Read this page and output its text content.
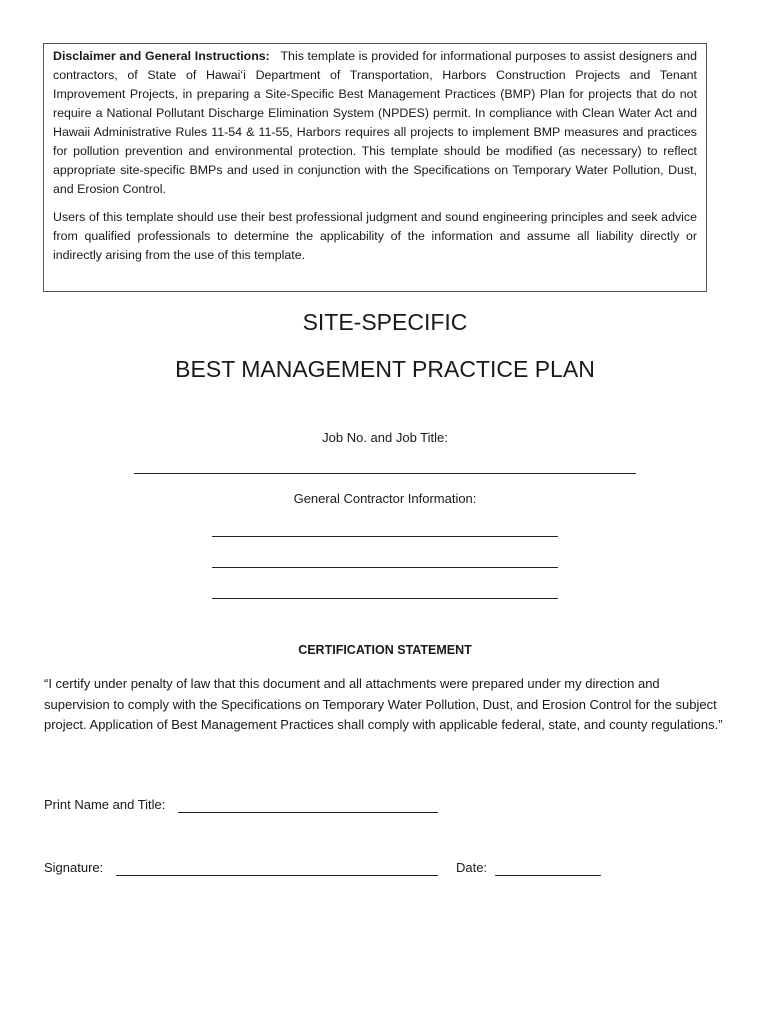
Disclaimer and General Instructions: This template is provided for informational purposes to assist designers and contractors, of State of Hawai‘i Department of Transportation, Harbors Construction Projects and Tenant Improvement Projects, in preparing a Site-Specific Best Management Practices (BMP) Plan for projects that do not require a National Pollutant Discharge Elimination System (NPDES) permit. In compliance with Clean Water Act and Hawaii Administrative Rules 11-54 & 11-55, Harbors requires all projects to implement BMP measures and practices for pollution prevention and environmental protection. This template should be modified (as necessary) to reflect appropriate site-specific BMPs and used in conjunction with the Specifications on Temporary Water Pollution, Dust, and Erosion Control.

Users of this template should use their best professional judgment and sound engineering principles and seek advice from qualified professionals to determine the applicability of the information and assume all liability directly or indirectly arising from the use of this template.

SITE-SPECIFIC
BEST MANAGEMENT PRACTICE PLAN
Job No. and Job Title:
General Contractor Information:
CERTIFICATION STATEMENT

“I certify under penalty of law that this document and all attachments were prepared under my direction and supervision to comply with the Specifications on Temporary Water Pollution, Dust, and Erosion Control for the subject project. Application of Best Management Practices shall comply with applicable federal, state, and county regulations.”

Print Name and Title:
Signature:	Date:
